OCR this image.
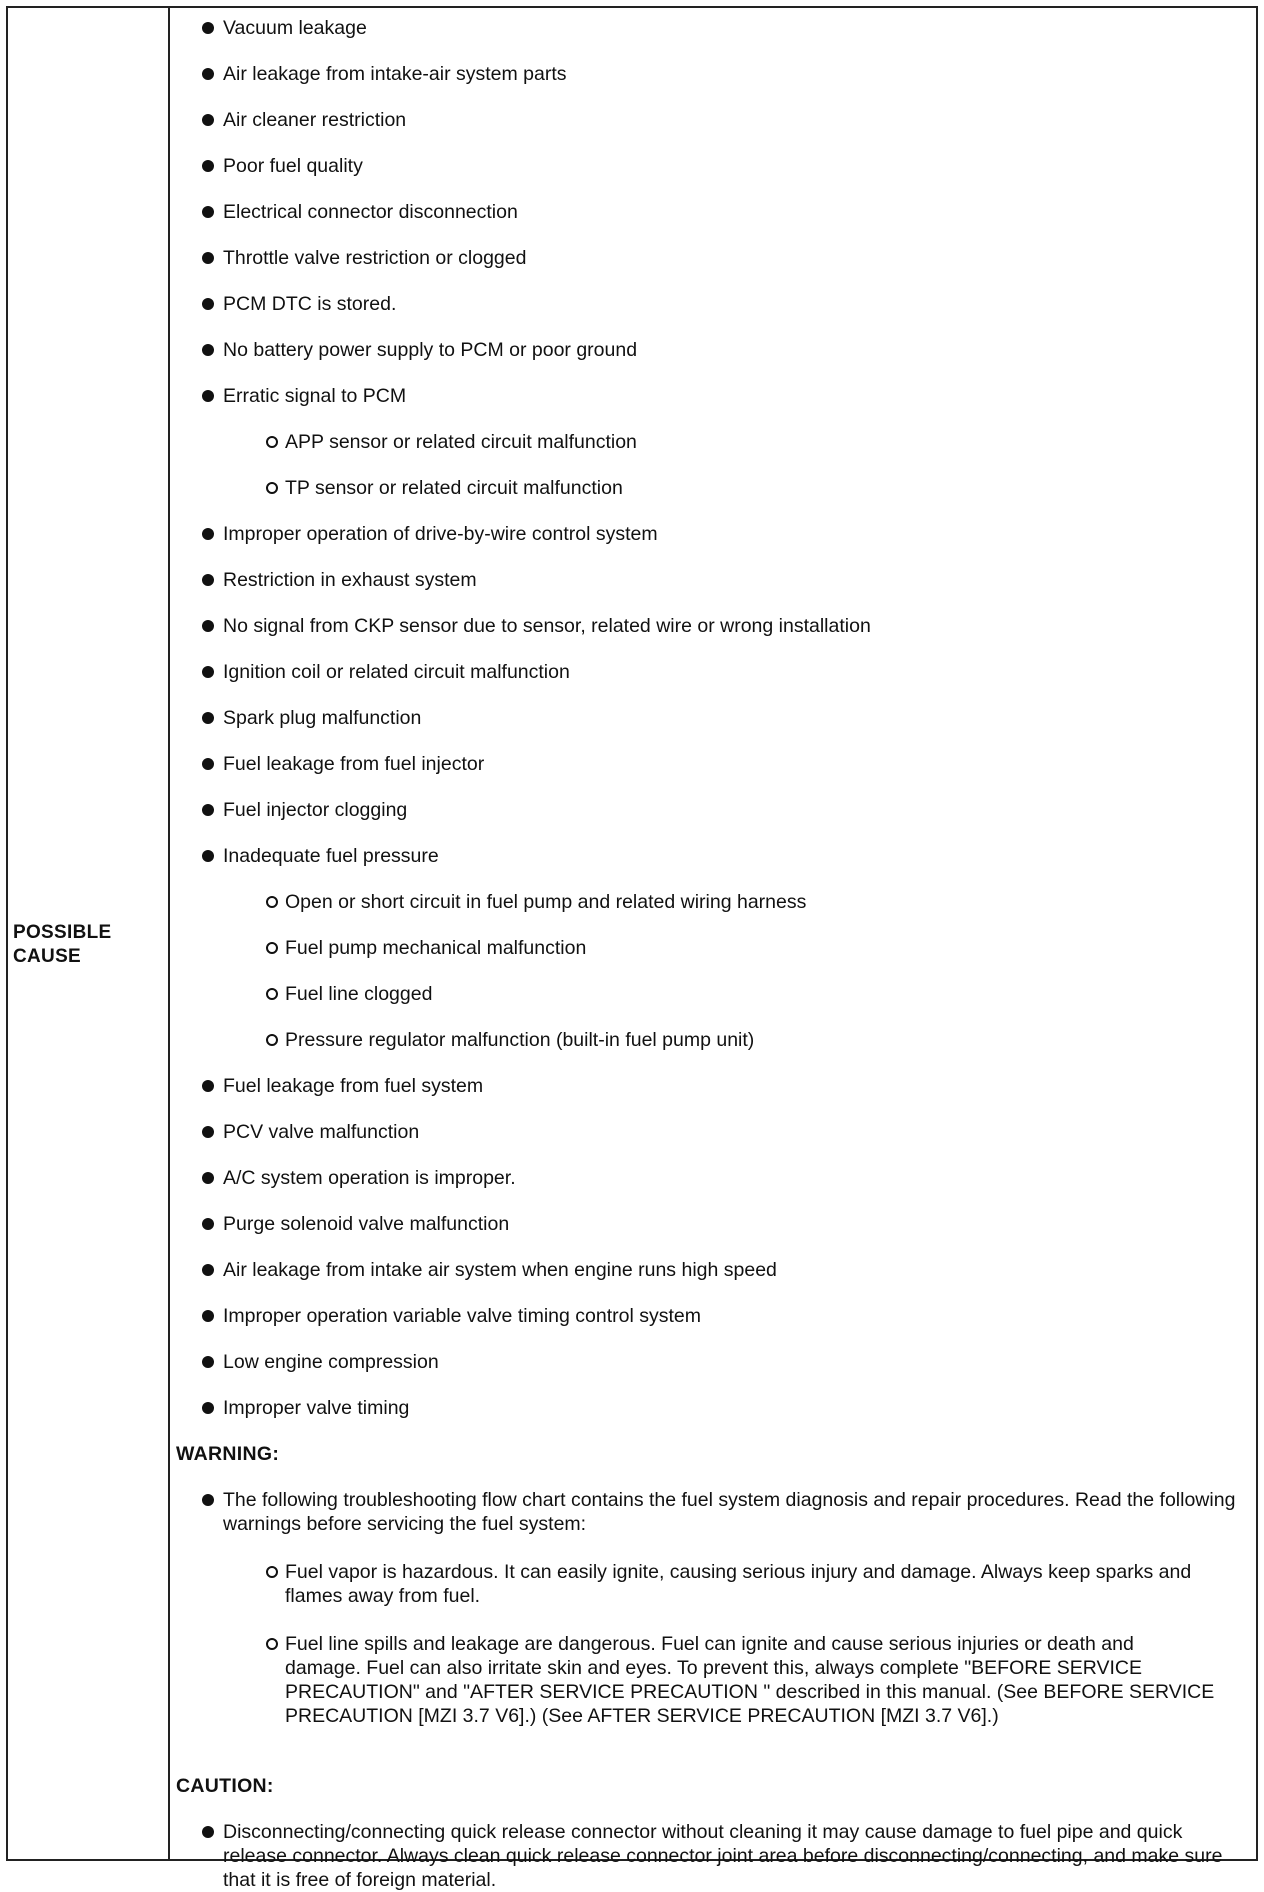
POSSIBLE CAUSE
Vacuum leakage
Air leakage from intake-air system parts
Air cleaner restriction
Poor fuel quality
Electrical connector disconnection
Throttle valve restriction or clogged
PCM DTC is stored.
No battery power supply to PCM or poor ground
Erratic signal to PCM
APP sensor or related circuit malfunction
TP sensor or related circuit malfunction
Improper operation of drive-by-wire control system
Restriction in exhaust system
No signal from CKP sensor due to sensor, related wire or wrong installation
Ignition coil or related circuit malfunction
Spark plug malfunction
Fuel leakage from fuel injector
Fuel injector clogging
Inadequate fuel pressure
Open or short circuit in fuel pump and related wiring harness
Fuel pump mechanical malfunction
Fuel line clogged
Pressure regulator malfunction (built-in fuel pump unit)
Fuel leakage from fuel system
PCV valve malfunction
A/C system operation is improper.
Purge solenoid valve malfunction
Air leakage from intake air system when engine runs high speed
Improper operation variable valve timing control system
Low engine compression
Improper valve timing
WARNING:
The following troubleshooting flow chart contains the fuel system diagnosis and repair procedures. Read the following warnings before servicing the fuel system:
Fuel vapor is hazardous. It can easily ignite, causing serious injury and damage. Always keep sparks and flames away from fuel.
Fuel line spills and leakage are dangerous. Fuel can ignite and cause serious injuries or death and damage. Fuel can also irritate skin and eyes. To prevent this, always complete "BEFORE SERVICE PRECAUTION" and "AFTER SERVICE PRECAUTION " described in this manual. (See BEFORE SERVICE PRECAUTION [MZI 3.7 V6].) (See AFTER SERVICE PRECAUTION [MZI 3.7 V6].)
CAUTION:
Disconnecting/connecting quick release connector without cleaning it may cause damage to fuel pipe and quick release connector. Always clean quick release connector joint area before disconnecting/connecting, and make sure that it is free of foreign material.
